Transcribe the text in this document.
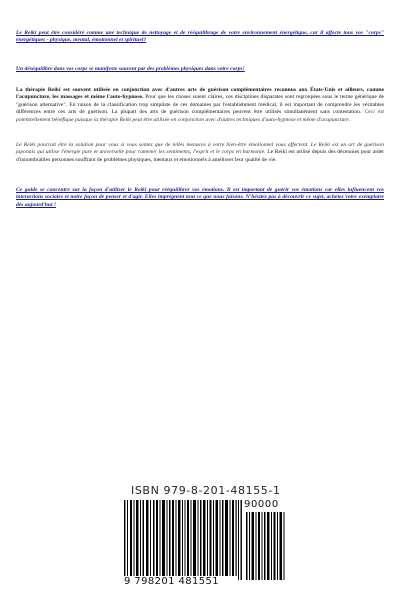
Le Reiki peut être considéré comme une technique de nettoyage et de rééquilibrage de votre environnement énergétique, car il affecte tous vos "corps" énergétiques - physique, mental, émotionnel et spirituel?

Un déséquilibre dans vos corps se manifeste souvent par des problèmes physiques dans votre corps!

La thérapie Reiki est souvent utilisée en conjonction avec d'autres arts de guérison complémentaires reconnus aux États-Unis et ailleurs, comme l'acupuncture, les massages et même l'auto-hypnose. Pour que les choses soient claires, ces disciplines disparates sont regroupées sous le terme générique de "guérison alternative". En raison de la classification trop simpliste de ces domaines par l'establishment médical, il est important de comprendre les véritables différences entre ces arts de guérison. La plupart des arts de guérison complémentaires peuvent être utilisés simultanément sans contestation. Ceci est potentiellement bénéfique puisque la thérapie Reiki peut être utilisée en conjonction avec d'autres techniques d'auto-hypnose et même d'acupuncture.

Le Reiki pourrait être la solution pour vous si vous sentez que de telles menaces à votre bien-être émotionnel vous affectent. Le Reiki est un art de guérison japonais qui utilise l'énergie pure et universelle pour ramener les sentiments, l'esprit et le corps en harmonie. Le Reiki est utilisé depuis des décennies pour aider d'innombrables personnes souffrant de problèmes physiques, mentaux et émotionnels à améliorer leur qualité de vie.

Ce guide se concentre sur la façon d'utiliser le Reiki pour rééquilibrer vos émotions. Il est important de guérir vos émotions car elles influencent vos interactions sociales et notre façon de penser et d'agir. Elles imprègnent tout ce que nous faisons. N'hésitez pas à découvrir ce sujet, achetez votre exemplaire dès aujourd'hui !

ISBN 979-8-201-48155-1
90000
9 798201 481551
